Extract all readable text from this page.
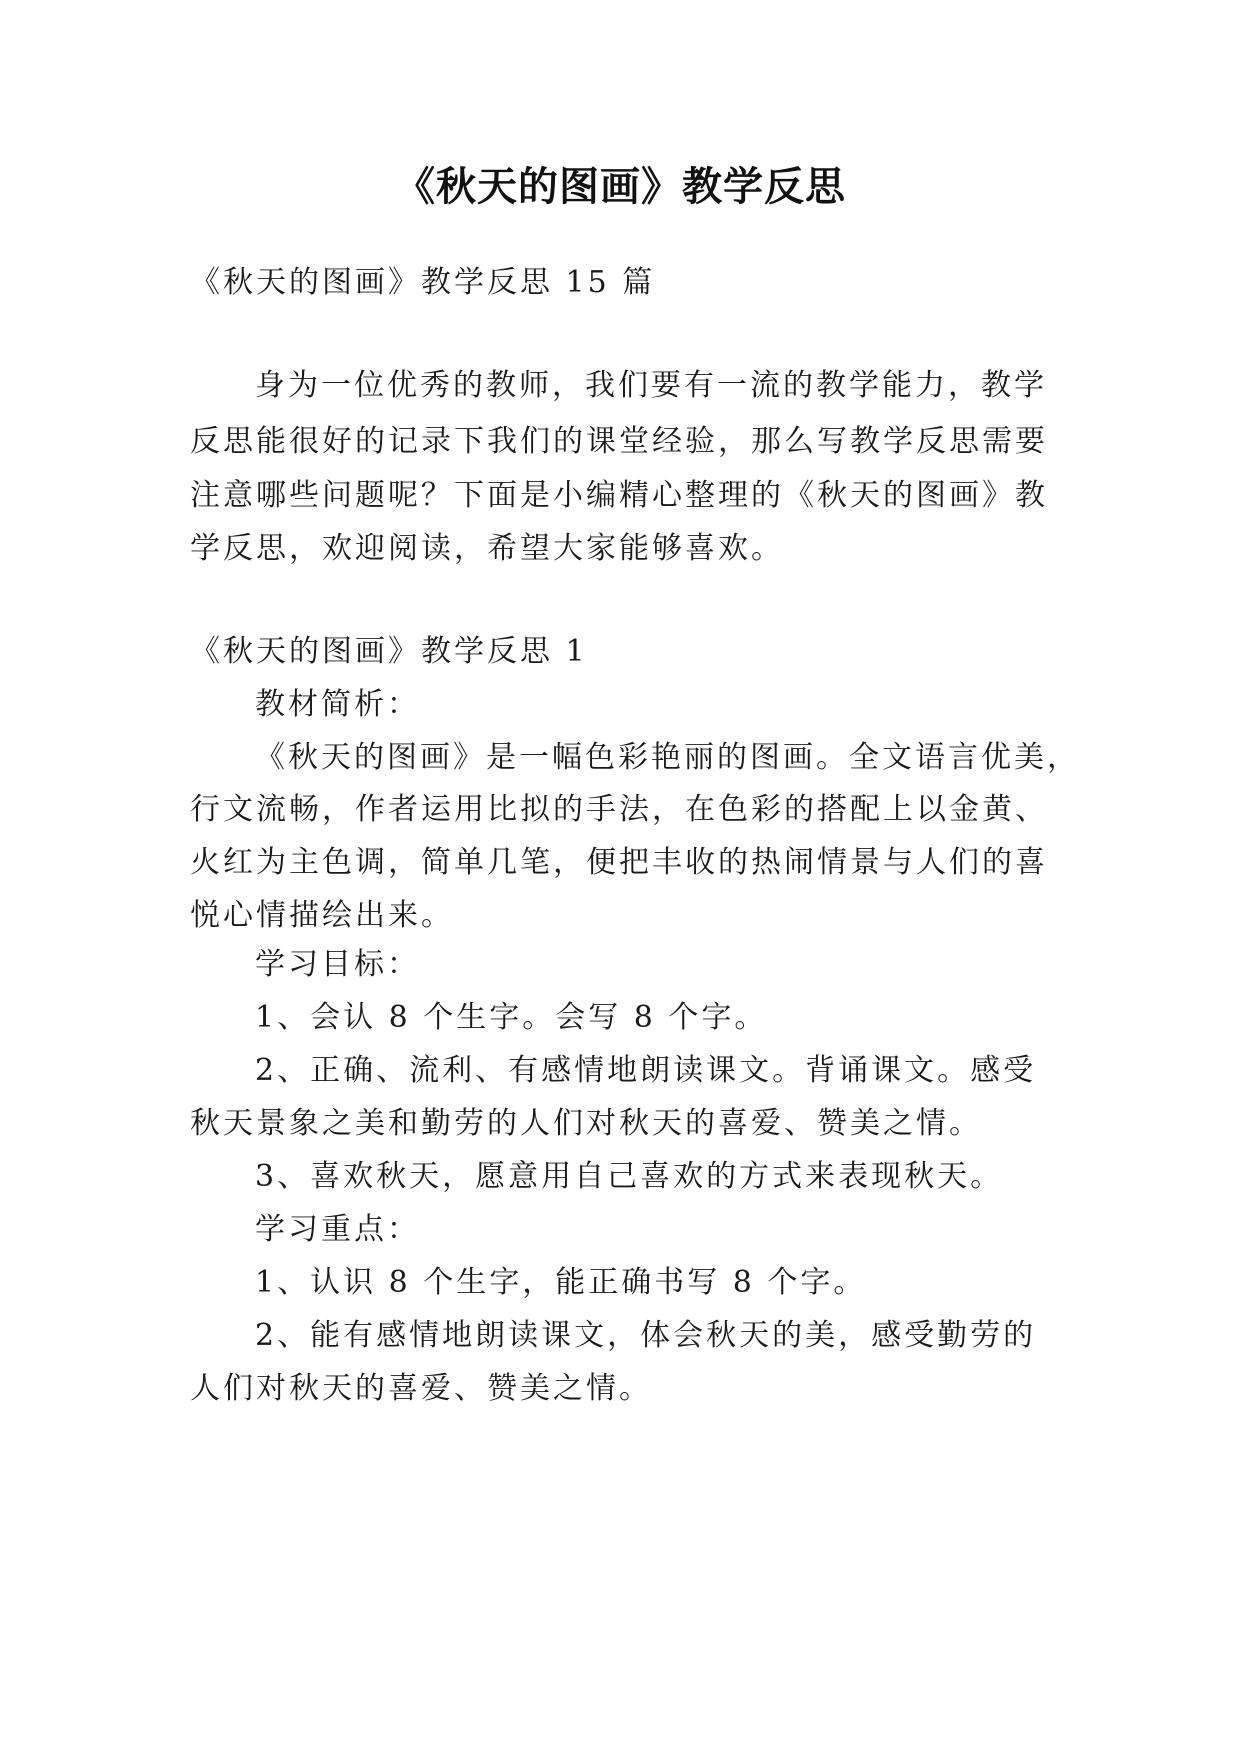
《秋天的图画》教学反思
《秋天的图画》教学反思 15 篇
身为一位优秀的教师，我们要有一流的教学能力，教学
反思能很好的记录下我们的课堂经验，那么写教学反思需要
注意哪些问题呢？下面是小编精心整理的《秋天的图画》教
学反思，欢迎阅读，希望大家能够喜欢。
《秋天的图画》教学反思 1
教材简析：
《秋天的图画》是一幅色彩艳丽的图画。全文语言优美，
行文流畅，作者运用比拟的手法，在色彩的搭配上以金黄、
火红为主色调，简单几笔，便把丰收的热闹情景与人们的喜
悦心情描绘出来。
学习目标：
1、会认 8 个生字。会写 8 个字。
2、正确、流利、有感情地朗读课文。背诵课文。感受
秋天景象之美和勤劳的人们对秋天的喜爱、赞美之情。
3、喜欢秋天，愿意用自己喜欢的方式来表现秋天。
学习重点：
1、认识 8 个生字，能正确书写 8 个字。
2、能有感情地朗读课文，体会秋天的美，感受勤劳的
人们对秋天的喜爱、赞美之情。
